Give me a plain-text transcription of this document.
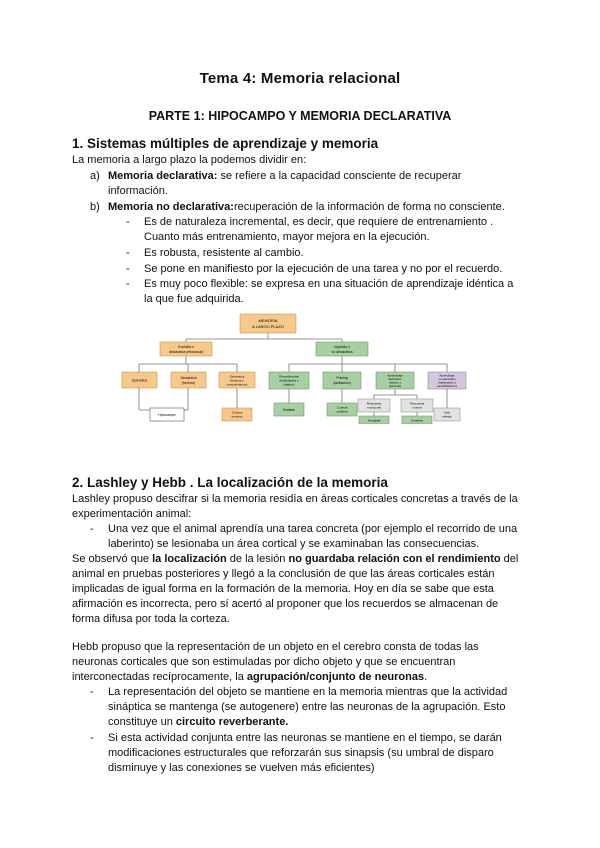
Tema 4: Memoria relacional
PARTE 1: HIPOCAMPO Y MEMORIA DECLARATIVA
1. Sistemas múltiples de aprendizaje y memoria
La memoria a largo plazo la podemos dividir en:
a) Memoria declarativa: se refiere a la capacidad consciente de recuperar
información.
b) Memoria no declarativa:recuperación de la información de forma no consciente.
- Es de naturaleza incremental, es decir, que requiere de entrenamiento .
Cuanto más entrenamiento, mayor mejora en la ejecución.
- Es robusta, resistente al cambio.
- Se pone en manifiesto por la ejecución de una tarea y no por el recuerdo.
- Es muy poco flexible: se expresa en una situación de aprendizaje idéntica a
la que fue adquirida.
MEMORIA
A LARGO PLAZO
Explícita o
declarativa (relacional)
Implícita o
no declarativa
Episódica
Semántica
(hechos)
Semántica
(hechos y
conocimientos)
Procedimental
(habilidades y
hábitos)
Priming
(facilitación)
Aprendizaje
asociativo
(clásico y
operante)
Aprendizaje
no asociativo
(habituación y
sensibilización)
Respuesta
emocional
Respuesta
motora
Vías
reflejas
Hipocampo
Corteza
cerebral
Estriado
Corteza
cerebral
Amígdala	Cerebelo
2. Lashley y Hebb . La localización de la memoria
Lashley propuso descifrar si la memoria residía en áreas corticales concretas a través de la
experimentación animal:
- Una vez que el animal aprendía una tarea concreta (por ejemplo el recorrido de una
laberinto) se lesionaba un área cortical y se examinaban las consecuencias.
Se observó que la localización de la lesión no guardaba relación con el rendimiento del
animal en pruebas posteriores y llegó a la conclusión de que las áreas corticales están
implicadas de igual forma en la formación de la memoria. Hoy en día se sabe que esta
afirmación es incorrecta, pero sí acertó al proponer que los recuerdos se almacenan de
forma difusa por toda la corteza.
Hebb propuso que la representación de un objeto en el cerebro consta de todas las
neuronas corticales que son estimuladas por dicho objeto y que se encuentran
interconectadas recíprocamente, la agrupación/conjunto de neuronas.
- La representación del objeto se mantiene en la memoria mientras que la actividad
sináptica se mantenga (se autogenere) entre las neuronas de la agrupación. Esto
constituye un circuito reverberante.
- Si esta actividad conjunta entre las neuronas se mantiene en el tiempo, se darán
modificaciones estructurales que reforzarán sus sinapsis (su umbral de disparo
disminuye y las conexiones se vuelven más eficientes)
